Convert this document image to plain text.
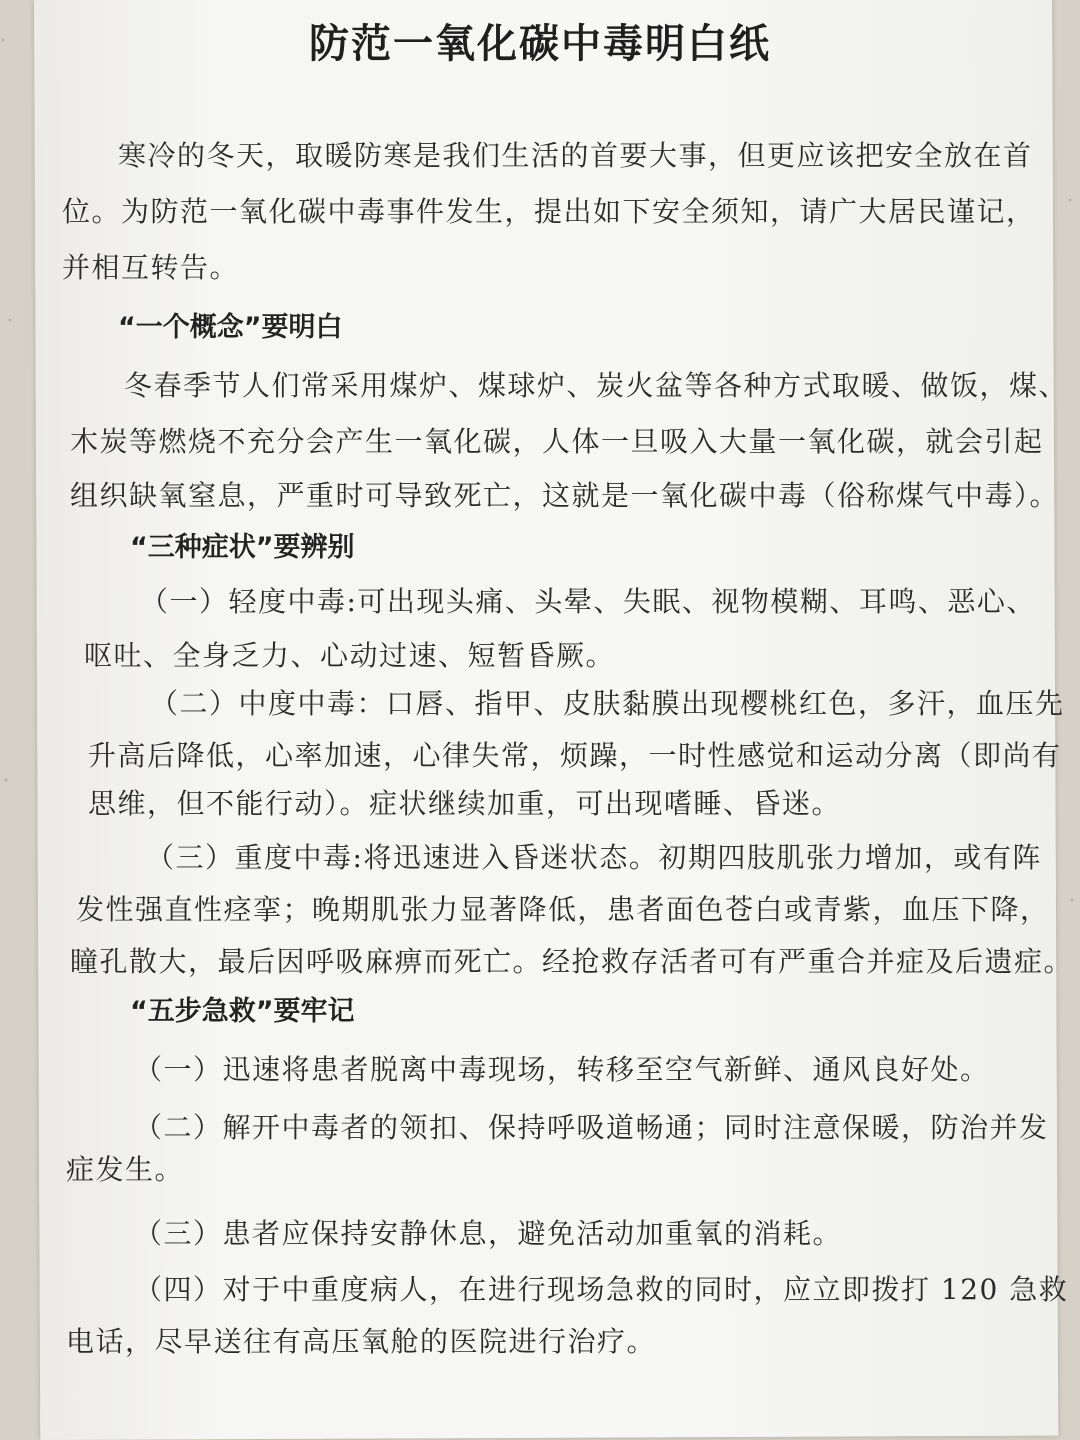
防范一氧化碳中毒明白纸
寒冷的冬天，取暖防寒是我们生活的首要大事，但更应该把安全放在首
位。为防范一氧化碳中毒事件发生，提出如下安全须知，请广大居民谨记，
并相互转告。
“一个概念”要明白
冬春季节人们常采用煤炉、煤球炉、炭火盆等各种方式取暖、做饭，煤、
木炭等燃烧不充分会产生一氧化碳，人体一旦吸入大量一氧化碳，就会引起
组织缺氧窒息，严重时可导致死亡，这就是一氧化碳中毒（俗称煤气中毒）。
“三种症状”要辨别
（一）轻度中毒:可出现头痛、头晕、失眠、视物模糊、耳鸣、恶心、
呕吐、全身乏力、心动过速、短暂昏厥。
（二）中度中毒：口唇、指甲、皮肤黏膜出现樱桃红色，多汗，血压先
升高后降低，心率加速，心律失常，烦躁，一时性感觉和运动分离（即尚有
思维，但不能行动）。症状继续加重，可出现嗜睡、昏迷。
（三）重度中毒:将迅速进入昏迷状态。初期四肢肌张力增加，或有阵
发性强直性痉挛；晚期肌张力显著降低，患者面色苍白或青紫，血压下降，
瞳孔散大，最后因呼吸麻痹而死亡。经抢救存活者可有严重合并症及后遗症。
“五步急救”要牢记
（一）迅速将患者脱离中毒现场，转移至空气新鲜、通风良好处。
（二）解开中毒者的领扣、保持呼吸道畅通；同时注意保暖，防治并发
症发生。
（三）患者应保持安静休息，避免活动加重氧的消耗。
（四）对于中重度病人，在进行现场急救的同时，应立即拨打 120 急救
电话，尽早送往有高压氧舱的医院进行治疗。
